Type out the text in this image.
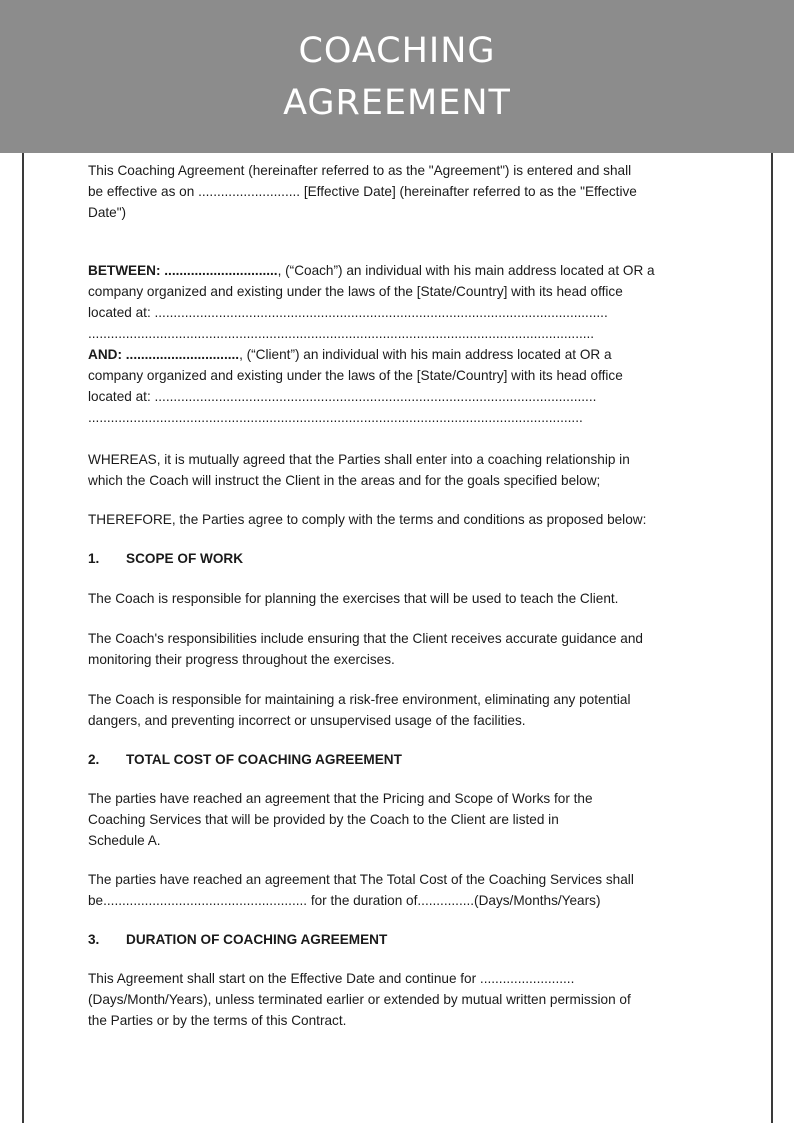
COACHING
AGREEMENT

This Coaching Agreement (hereinafter referred to as the "Agreement") is entered and shall
be effective as on ........................... [Effective Date] (hereinafter referred to as the "Effective
Date")

BETWEEN: .............................., (“Coach”) an individual with his main address located at OR a
company organized and existing under the laws of the [State/Country] with its head office
located at: ........................................................................................................................
......................................................................................................................................

AND: .............................., (“Client”) an individual with his main address located at OR a
company organized and existing under the laws of the [State/Country] with its head office
located at: .....................................................................................................................
...................................................................................................................................

WHEREAS, it is mutually agreed that the Parties shall enter into a coaching relationship in
which the Coach will instruct the Client in the areas and for the goals specified below;

THEREFORE, the Parties agree to comply with the terms and conditions as proposed below:

1.	SCOPE OF WORK

The Coach is responsible for planning the exercises that will be used to teach the Client.

The Coach's responsibilities include ensuring that the Client receives accurate guidance and
monitoring their progress throughout the exercises.

The Coach is responsible for maintaining a risk-free environment, eliminating any potential
dangers, and preventing incorrect or unsupervised usage of the facilities.

2.	TOTAL COST OF COACHING AGREEMENT

The parties have reached an agreement that the Pricing and Scope of Works for the
Coaching Services that will be provided by the Coach to the Client are listed in
Schedule A.

The parties have reached an agreement that The Total Cost of the Coaching Services shall
be...................................................... for the duration of...............(Days/Months/Years)

3.	DURATION OF COACHING AGREEMENT

This Agreement shall start on the Effective Date and continue for .........................
(Days/Month/Years), unless terminated earlier or extended by mutual written permission of
the Parties or by the terms of this Contract.
